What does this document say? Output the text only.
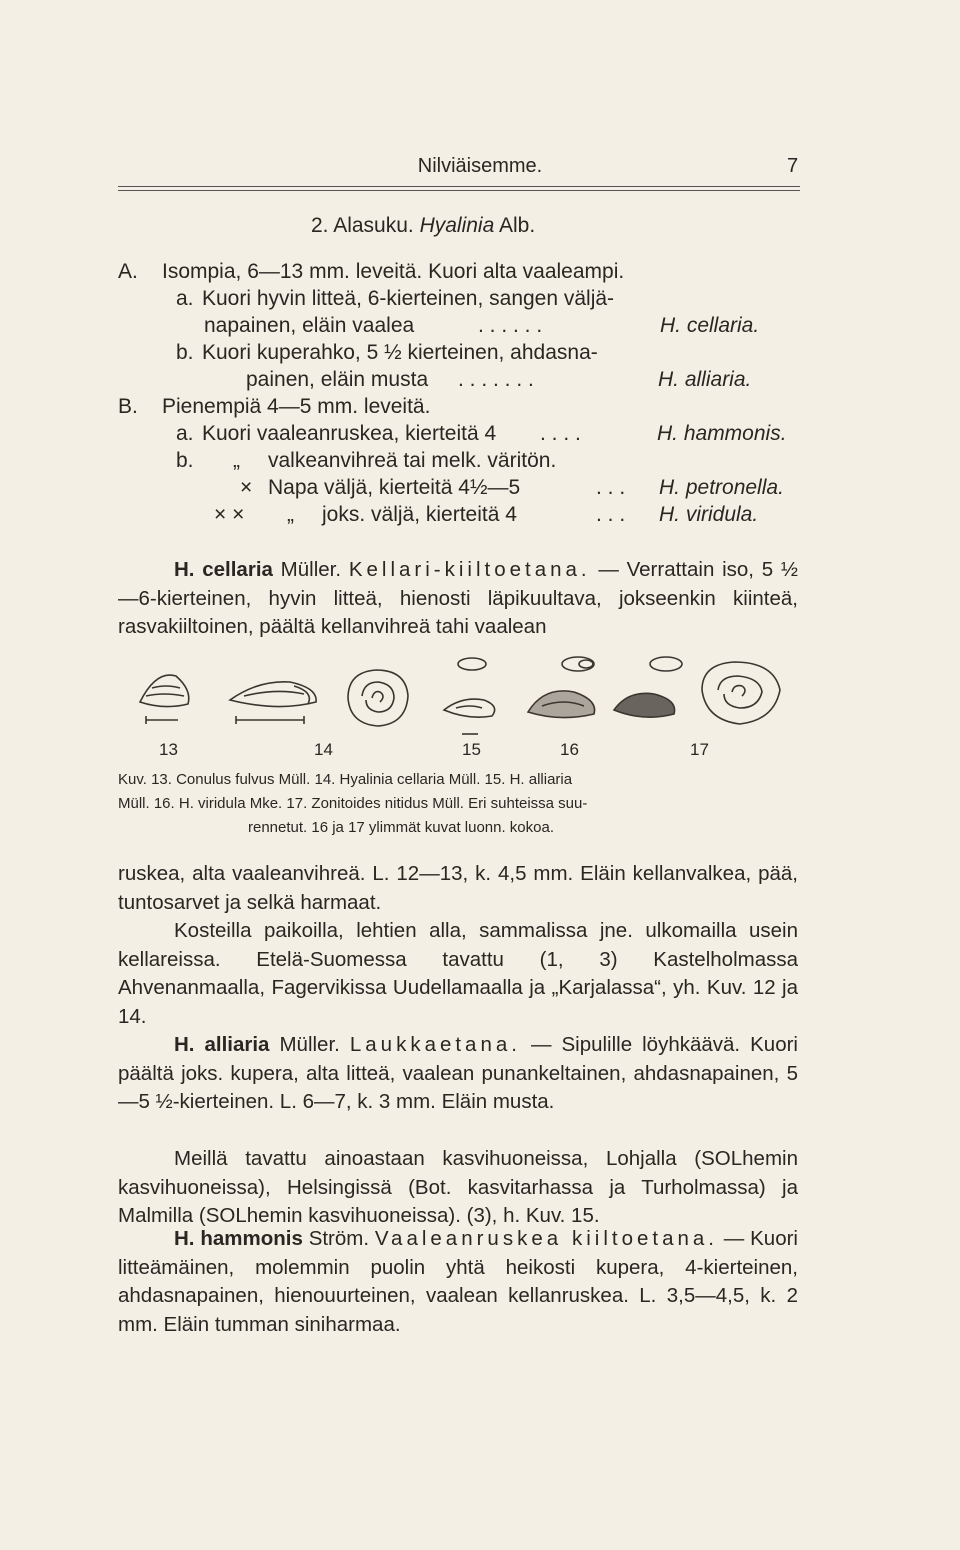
Nilviäisemme.	7
2. Alasuku. Hyalinia Alb.
A. Isompia, 6—13 mm. leveitä. Kuori alta vaaleampi.
a. Kuori hyvin litteä, 6-kierteinen, sangen väljä-
napainen, eläin vaalea	. . . . . .	H. cellaria.
b. Kuori kuperahko, 5 ½ kierteinen, ahdasna-
painen, eläin musta . . . . . . .	H. alliaria.
B. Pienempiä 4—5 mm. leveitä.
a. Kuori vaaleanruskea, kierteitä 4 . . . .	H. hammonis.
b. „ valkeanvihreä tai melk. väritön.
× Napa väljä, kierteitä 4½—5	. . . H. petronella.
× × „ joks. väljä, kierteitä 4	. . . H. viridula.
H. cellaria Müller. Kellari-kiiltoetana. — Verrattain iso, 5 ½—6-kierteinen, hyvin litteä, hienosti läpikuultava, jokseenkin kiinteä, rasvakiiltoinen, päältä kellanvihreä tahi vaalean
13	14	15	16	17
Kuv. 13. Conulus fulvus Müll. 14. Hyalinia cellaria Müll. 15. H. alliaria
Müll. 16. H. viridula Mke. 17. Zonitoides nitidus Müll. Eri suhteissa suu-
rennetut. 16 ja 17 ylimmät kuvat luonn. kokoa.
ruskea, alta vaaleanvihreä. L. 12—13, k. 4,5 mm. Eläin kellanvalkea, pää, tuntosarvet ja selkä harmaat.
Kosteilla paikoilla, lehtien alla, sammalissa jne. ulkomailla usein kellareissa. Etelä-Suomessa tavattu (1, 3) Kastelholmassa Ahvenanmaalla, Fagervikissa Uudellamaalla ja „Karjalassa“, yh. Kuv. 12 ja 14.
H. alliaria Müller. Laukkaetana. — Sipulille löyhkäävä. Kuori päältä joks. kupera, alta litteä, vaalean punankeltainen, ahdasnapainen, 5—5 ½-kierteinen. L. 6—7, k. 3 mm. Eläin musta.
Meillä tavattu ainoastaan kasvihuoneissa, Lohjalla (SOLhemin kasvihuoneissa), Helsingissä (Bot. kasvitarhassa ja Turholmassa) ja Malmilla (SOLhemin kasvihuoneissa). (3), h. Kuv. 15.
H. hammonis Ström. Vaaleanruskea kiiltoetana. — Kuori litteämäinen, molemmin puolin yhtä heikosti kupera, 4-kierteinen, ahdasnapainen, hienouurteinen, vaalean kellanruskea. L. 3,5—4,5, k. 2 mm. Eläin tumman siniharmaa.
